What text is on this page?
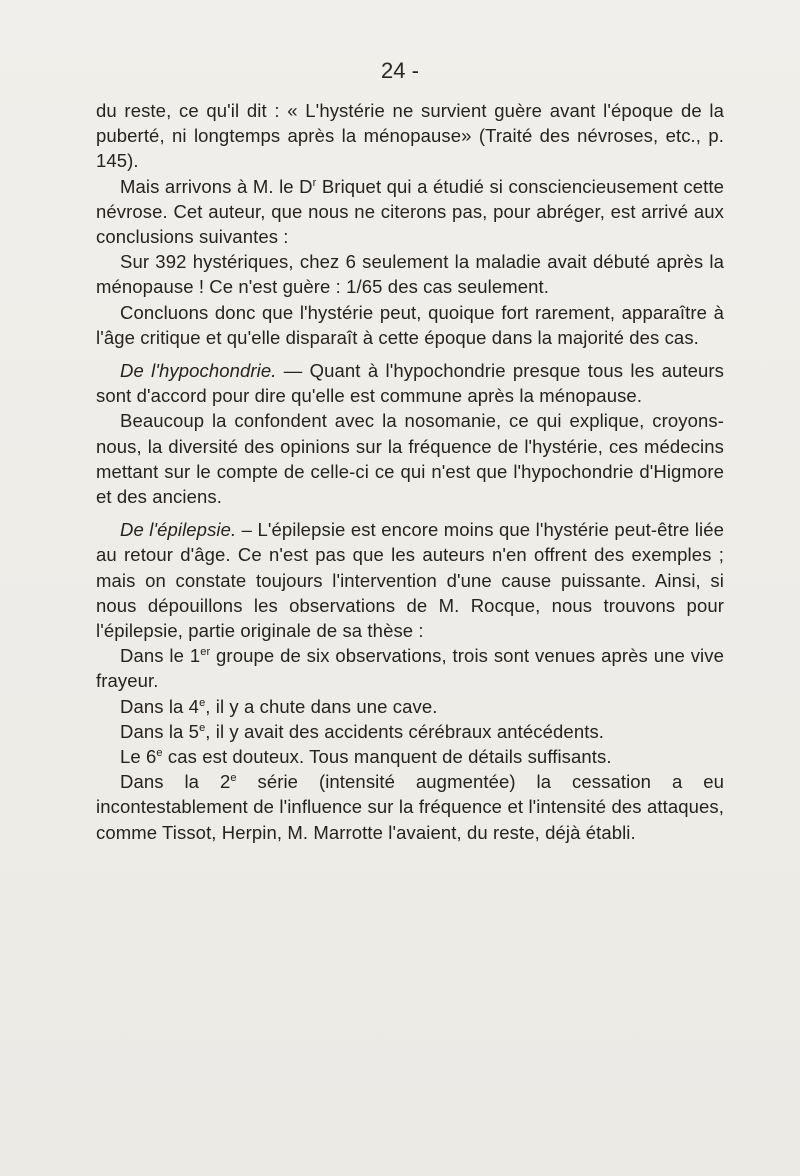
24 -

du reste, ce qu'il dit : « L'hystérie ne survient guère avant l'époque de la puberté, ni longtemps après la ménopause» (Traité des névroses, etc., p. 145).

Mais arrivons à M. le $D^r$ Briquet qui a étudié si consciencieusement cette névrose. Cet auteur, que nous ne citerons pas, pour abréger, est arrivé aux conclusions suivantes :

Sur 392 hystériques, chez 6 seulement la maladie avait débuté après la ménopause ! Ce n'est guère : 1/65 des cas seulement.

Concluons donc que l'hystérie peut, quoique fort rarement, apparaître à l'âge critique et qu'elle disparaît à cette époque dans la majorité des cas.

De l'hypochondrie. — Quant à l'hypochondrie presque tous les auteurs sont d'accord pour dire qu'elle est commune après la ménopause.

Beaucoup la confondent avec la nosomanie, ce qui explique, croyons-nous, la diversité des opinions sur la fréquence de l'hystérie, ces médecins mettant sur le compte de celle-ci ce qui n'est que l'hypochondrie d'Higmore et des anciens.

De l'épilepsie. – L'épilepsie est encore moins que l'hystérie peut-être liée au retour d'âge. Ce n'est pas que les auteurs n'en offrent des exemples ; mais on constate toujours l'intervention d'une cause puissante. Ainsi, si nous dépouillons les observations de M. Rocque, nous trouvons pour l'épilepsie, partie originale de sa thèse :

Dans le 1er groupe de six observations, trois sont venues après une vive frayeur.

Dans la 4e, il y a chute dans une cave.

Dans la 5e, il y avait des accidents cérébraux antécédents.

Le 6e cas est douteux. Tous manquent de détails suffisants.

Dans la 2e série (intensité augmentée) la cessation a eu incontestablement de l'influence sur la fréquence et l'intensité des attaques, comme Tissot, Herpin, M. Marrotte l'avaient, du reste, déjà établi.
